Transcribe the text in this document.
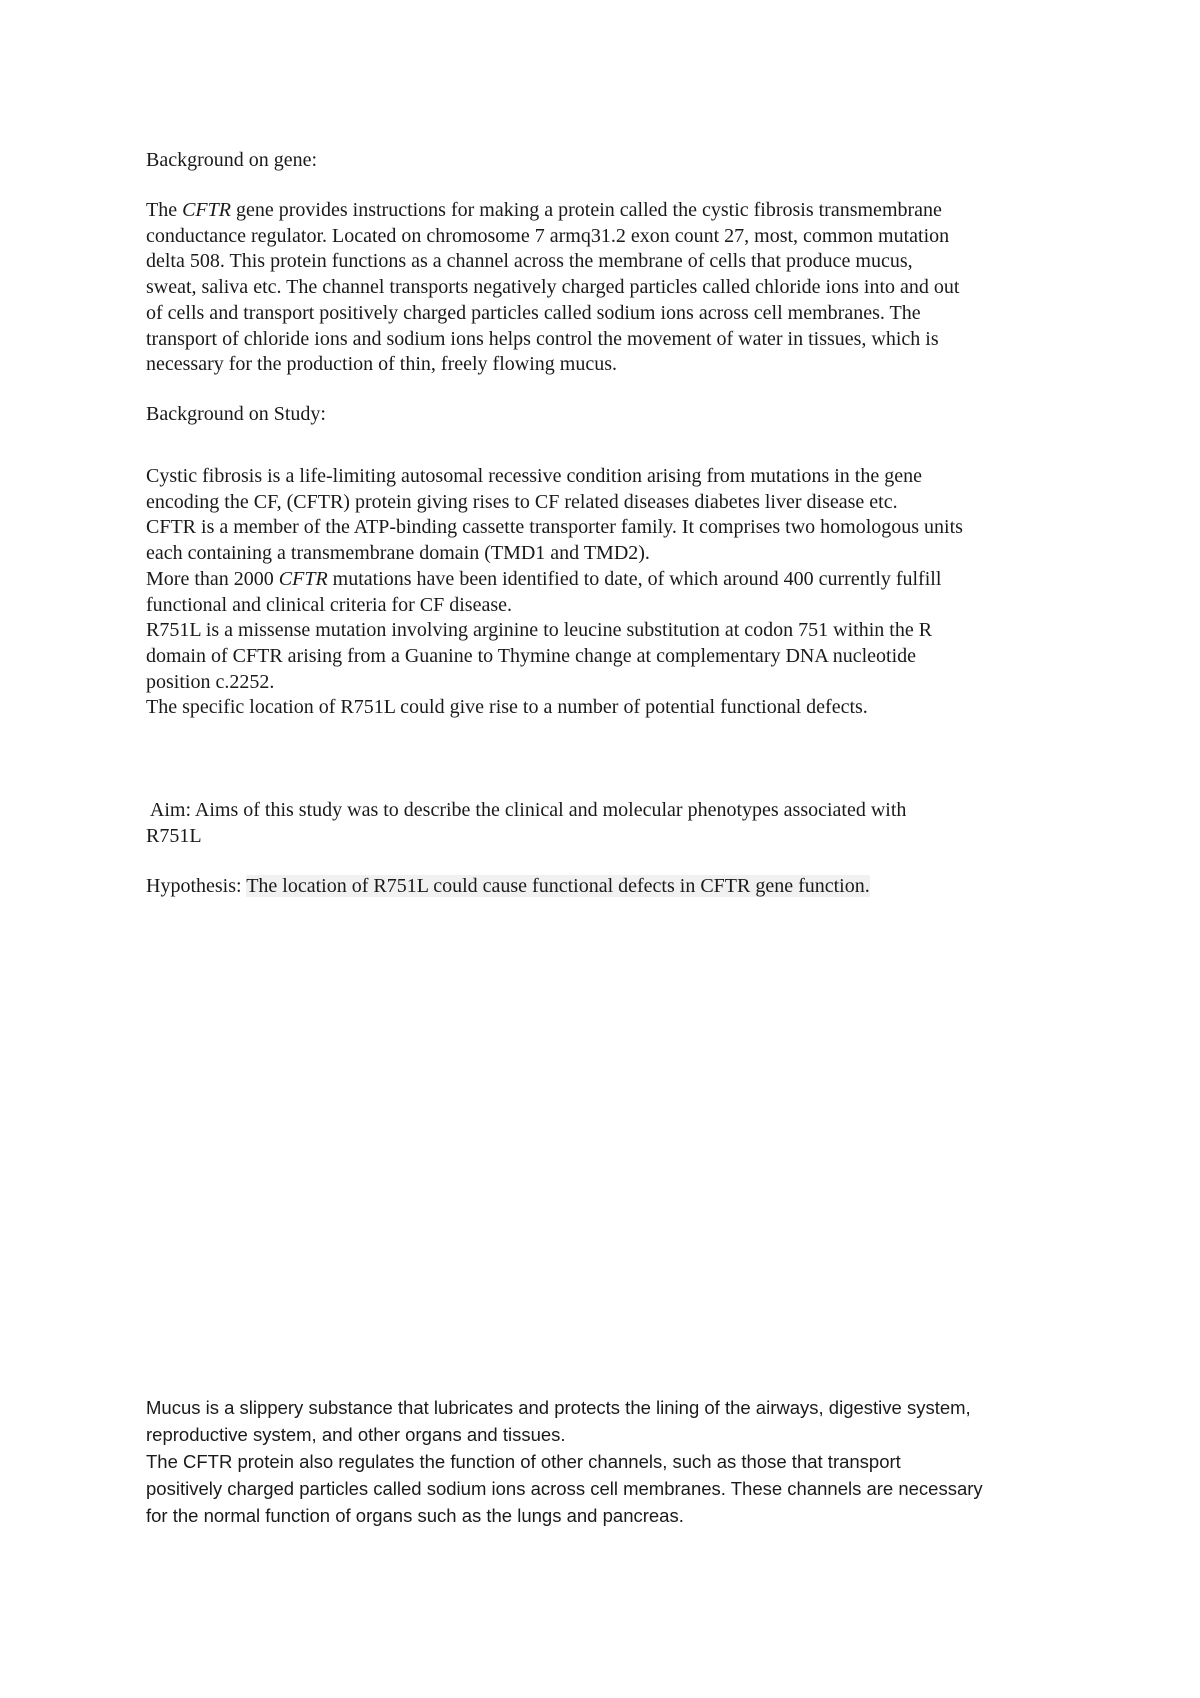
Background on gene:

The CFTR gene provides instructions for making a protein called the cystic fibrosis transmembrane
conductance regulator. Located on chromosome 7 armq31.2 exon count 27, most, common mutation
delta 508. This protein functions as a channel across the membrane of cells that produce mucus,
sweat, saliva etc. The channel transports negatively charged particles called chloride ions into and out
of cells and transport positively charged particles called sodium ions across cell membranes. The
transport of chloride ions and sodium ions helps control the movement of water in tissues, which is
necessary for the production of thin, freely flowing mucus.

Background on Study:

Cystic fibrosis is a life-limiting autosomal recessive condition arising from mutations in the gene
encoding the CF, (CFTR) protein giving rises to CF related diseases diabetes liver disease etc.
CFTR is a member of the ATP-binding cassette transporter family. It comprises two homologous units
each containing a transmembrane domain (TMD1 and TMD2).
More than 2000 CFTR mutations have been identified to date, of which around 400 currently fulfill
functional and clinical criteria for CF disease.
R751L is a missense mutation involving arginine to leucine substitution at codon 751 within the R
domain of CFTR arising from a Guanine to Thymine change at complementary DNA nucleotide
position c.2252.
The specific location of R751L could give rise to a number of potential functional defects.

Aim: Aims of this study was to describe the clinical and molecular phenotypes associated with
R751L

Hypothesis: The location of R751L could cause functional defects in CFTR gene function.

Mucus is a slippery substance that lubricates and protects the lining of the airways, digestive system,
reproductive system, and other organs and tissues.
The CFTR protein also regulates the function of other channels, such as those that transport
positively charged particles called sodium ions across cell membranes. These channels are necessary
for the normal function of organs such as the lungs and pancreas.
